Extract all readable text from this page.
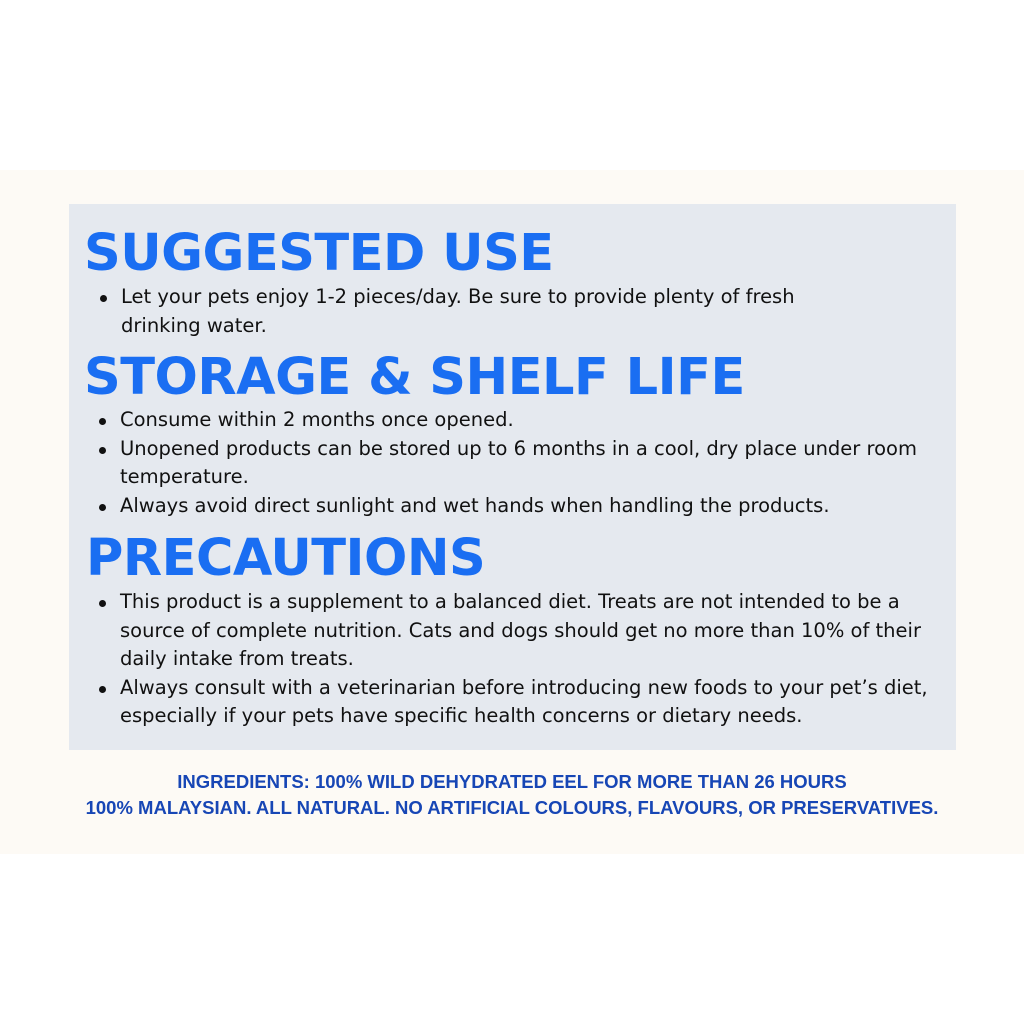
SUGGESTED USE
Let your pets enjoy 1-2 pieces/day. Be sure to provide plenty of fresh drinking water.
STORAGE & SHELF LIFE
Consume within 2 months once opened.
Unopened products can be stored up to 6 months in a cool, dry place under room temperature.
Always avoid direct sunlight and wet hands when handling the products.
PRECAUTIONS
This product is a supplement to a balanced diet. Treats are not intended to be a source of complete nutrition. Cats and dogs should get no more than 10% of their daily intake from treats.
Always consult with a veterinarian before introducing new foods to your pet’s diet, especially if your pets have specific health concerns or dietary needs.

INGREDIENTS: 100% WILD DEHYDRATED EEL FOR MORE THAN 26 HOURS

100% MALAYSIAN. ALL NATURAL. NO ARTIFICIAL COLOURS, FLAVOURS, OR PRESERVATIVES.
